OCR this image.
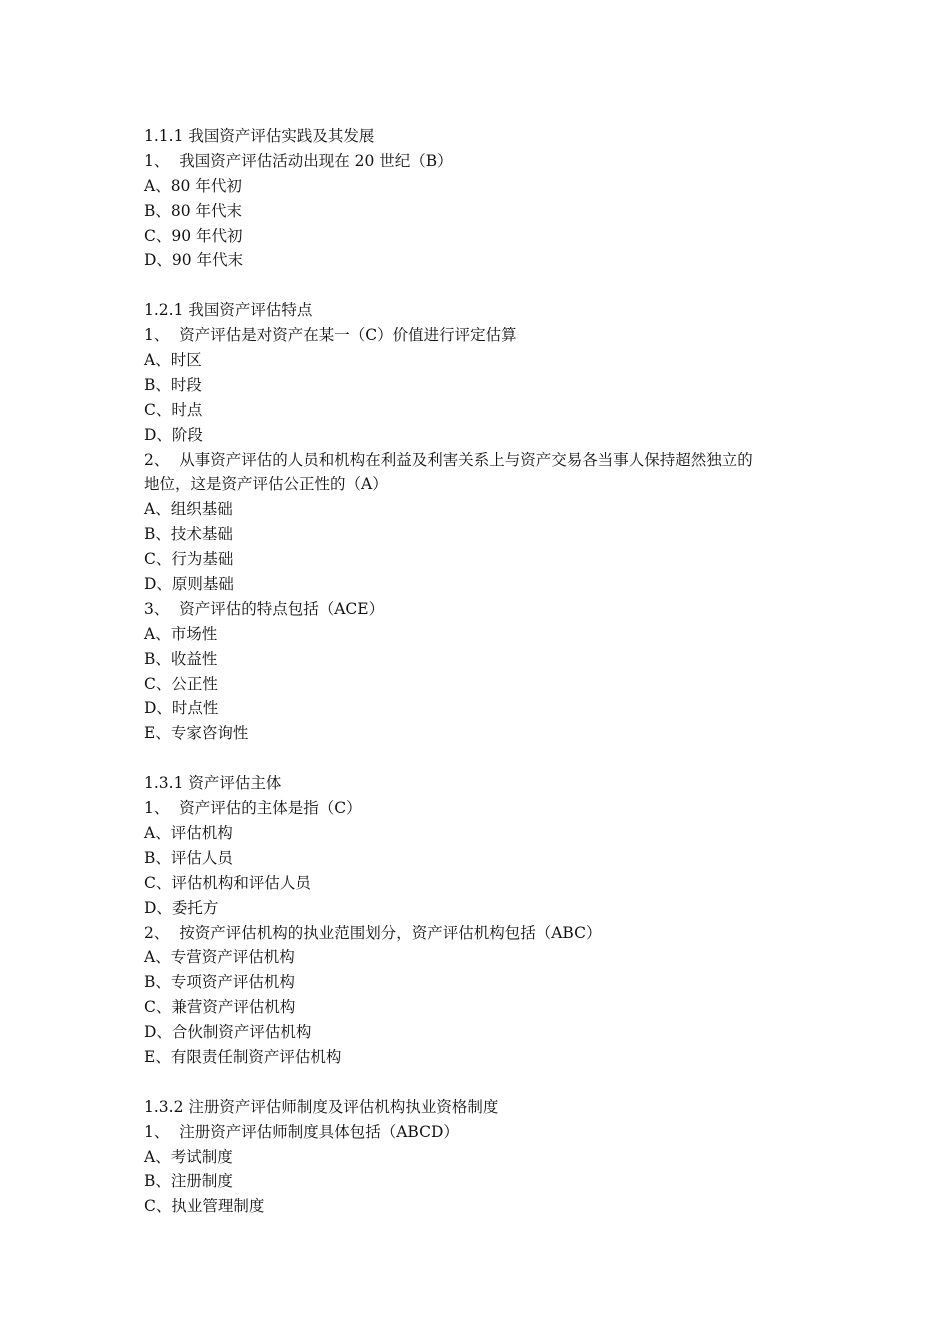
1.1.1 我国资产评估实践及其发展
1、  我国资产评估活动出现在 20 世纪（B）
A、80 年代初
B、80 年代末
C、90 年代初
D、90 年代末
1.2.1 我国资产评估特点
1、  资产评估是对资产在某一（C）价值进行评定估算
A、时区
B、时段
C、时点
D、阶段
2、  从事资产评估的人员和机构在利益及利害关系上与资产交易各当事人保持超然独立的
地位，这是资产评估公正性的（A）
A、组织基础
B、技术基础
C、行为基础
D、原则基础
3、  资产评估的特点包括（ACE）
A、市场性
B、收益性
C、公正性
D、时点性
E、专家咨询性
1.3.1 资产评估主体
1、  资产评估的主体是指（C）
A、评估机构
B、评估人员
C、评估机构和评估人员
D、委托方
2、  按资产评估机构的执业范围划分，资产评估机构包括（ABC）
A、专营资产评估机构
B、专项资产评估机构
C、兼营资产评估机构
D、合伙制资产评估机构
E、有限责任制资产评估机构
1.3.2 注册资产评估师制度及评估机构执业资格制度
1、  注册资产评估师制度具体包括（ABCD）
A、考试制度
B、注册制度
C、执业管理制度
